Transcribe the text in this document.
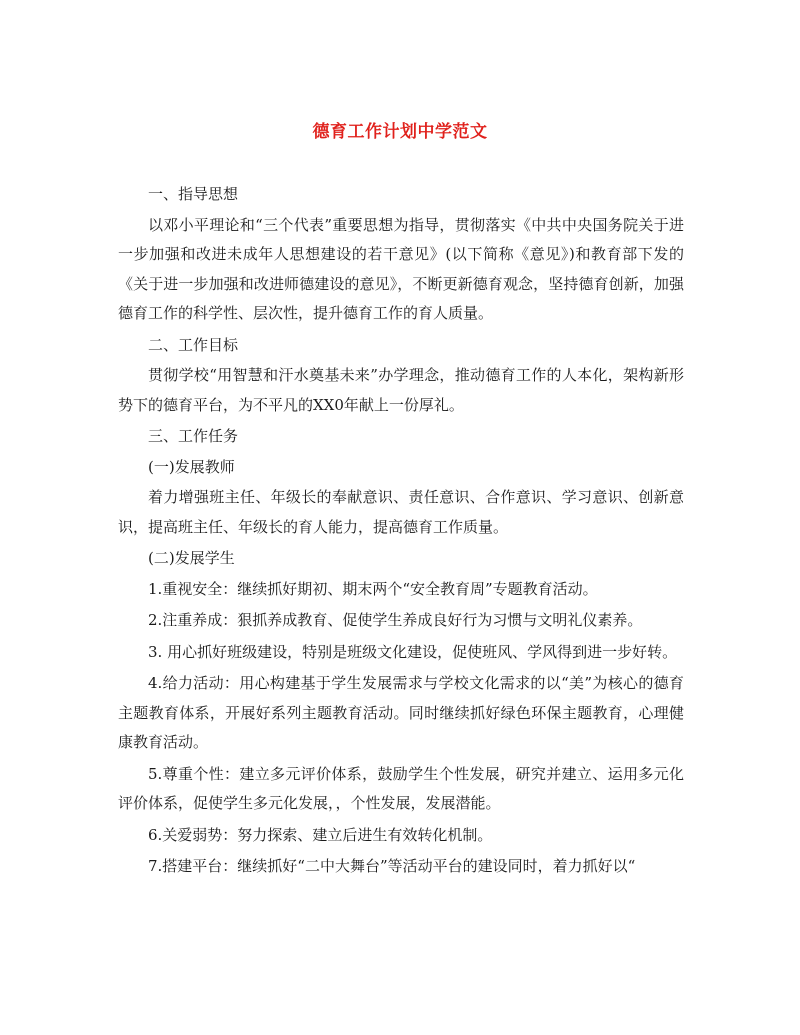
德育工作计划中学范文

一、指导思想

以邓小平理论和“三个代表”重要思想为指导，贯彻落实《中共中央国务院关于进一步加强和改进未成年人思想建设的若干意见》(以下简称《意见》)和教育部下发的《关于进一步加强和改进师德建设的意见》，不断更新德育观念，坚持德育创新，加强德育工作的科学性、层次性，提升德育工作的育人质量。

二、工作目标

贯彻学校“用智慧和汗水奠基未来”办学理念，推动德育工作的人本化，架构新形势下的德育平台，为不平凡的XX0年献上一份厚礼。

三、工作任务

(一)发展教师

着力增强班主任、年级长的奉献意识、责任意识、合作意识、学习意识、创新意识，提高班主任、年级长的育人能力，提高德育工作质量。

(二)发展学生

1.重视安全：继续抓好期初、期末两个“安全教育周”专题教育活动。

2.注重养成：狠抓养成教育、促使学生养成良好行为习惯与文明礼仪素养。

3. 用心抓好班级建设，特别是班级文化建设，促使班风、学风得到进一步好转。

4.给力活动：用心构建基于学生发展需求与学校文化需求的以“美”为核心的德育主题教育体系，开展好系列主题教育活动。同时继续抓好绿色环保主题教育，心理健康教育活动。

5.尊重个性：建立多元评价体系，鼓励学生个性发展，研究并建立、运用多元化评价体系，促使学生多元化发展，，个性发展，发展潜能。

6.关爱弱势：努力探索、建立后进生有效转化机制。

7.搭建平台：继续抓好“二中大舞台”等活动平台的建设同时，着力抓好以“
